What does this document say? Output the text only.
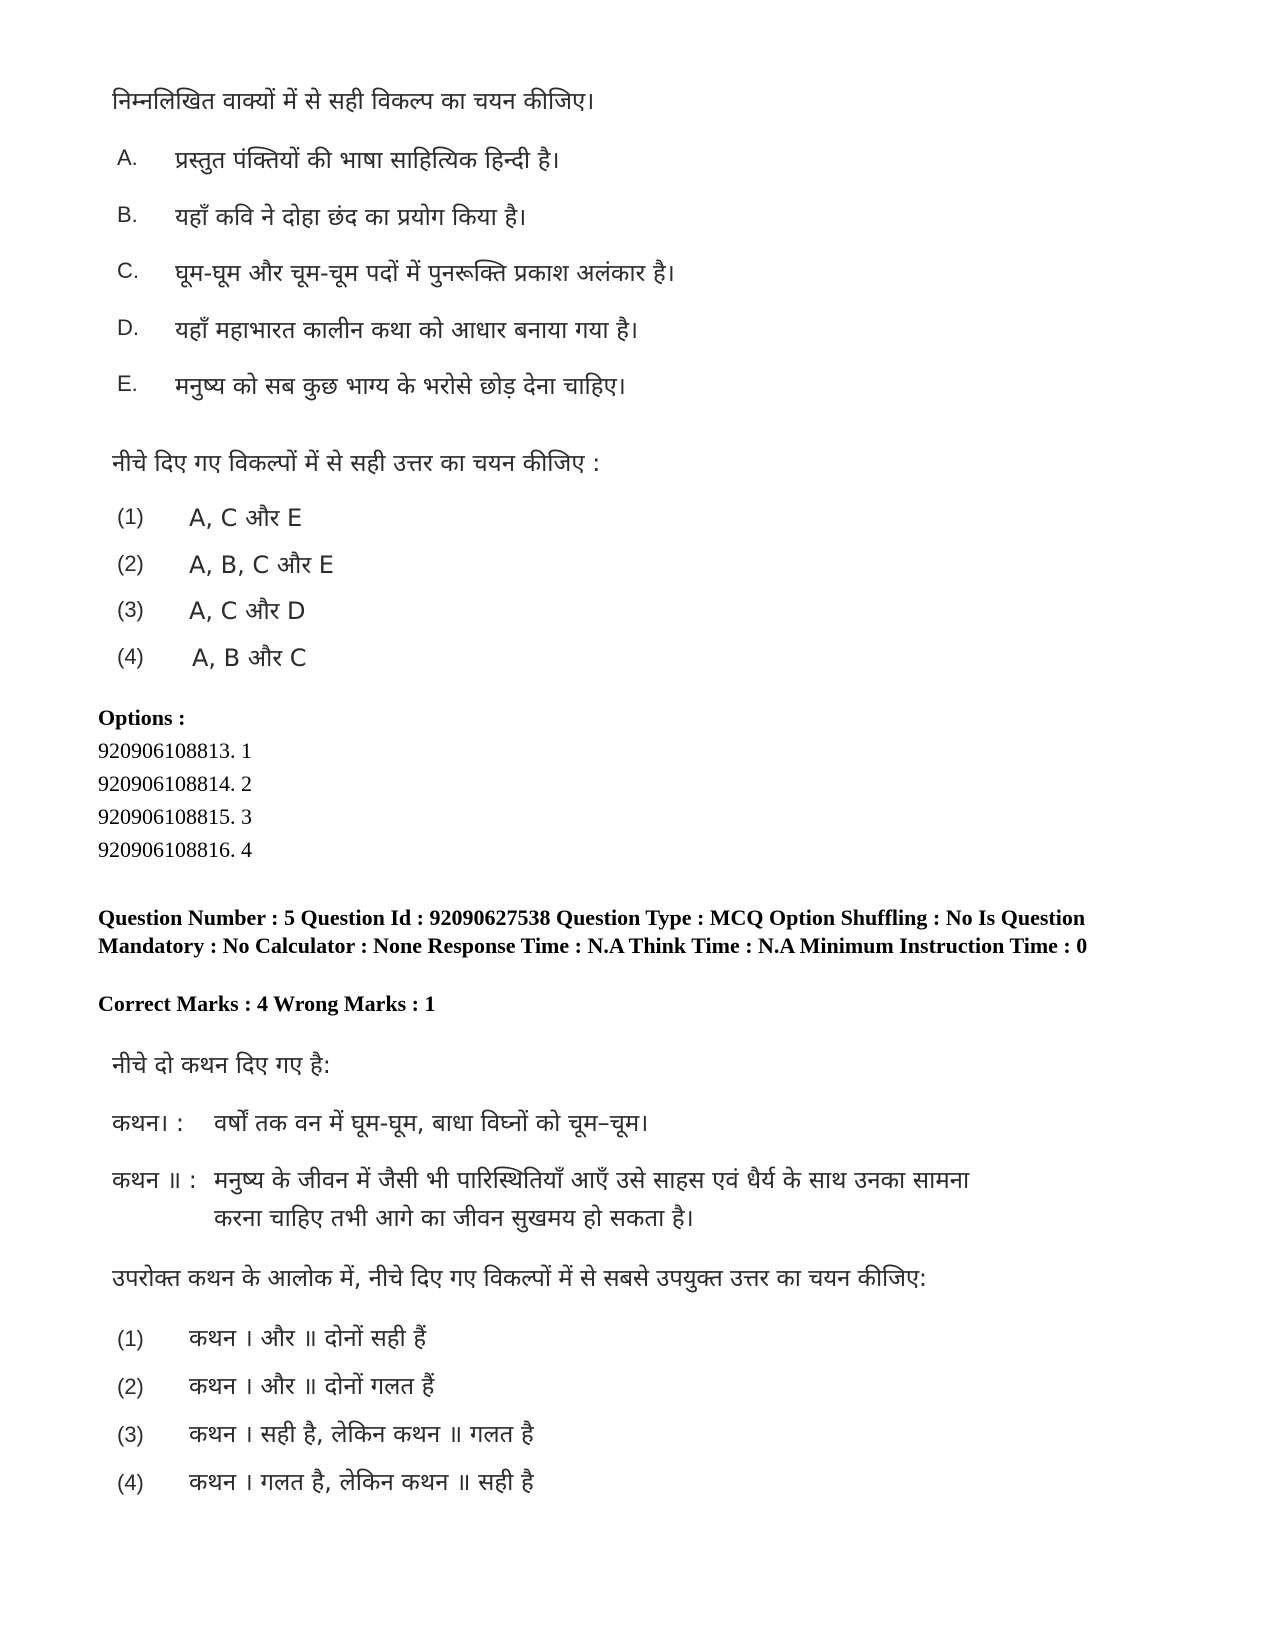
निम्नलिखित वाक्यों में से सही विकल्प का चयन कीजिए।
A.	प्रस्तुत पंक्तियों की भाषा साहित्यिक हिन्दी है।
B.	यहाँ कवि ने दोहा छंद का प्रयोग किया है।
C.	घूम-घूम और चूम-चूम पदों में पुनरूक्ति प्रकाश अलंकार है।
D.	यहाँ महाभारत कालीन कथा को आधार बनाया गया है।
E.	मनुष्य को सब कुछ भाग्य के भरोसे छोड़ देना चाहिए।
नीचे दिए गए विकल्पों में से सही उत्तर का चयन कीजिए :
(1) A, C और E
(2) A, B, C और E
(3) A, C और D
(4) A, B और C
Options :
920906108813. 1
920906108814. 2
920906108815. 3
920906108816. 4
Question Number : 5 Question Id : 92090627538 Question Type : MCQ Option Shuffling : No Is Question Mandatory : No Calculator : None Response Time : N.A Think Time : N.A Minimum Instruction Time : 0
Correct Marks : 4 Wrong Marks : 1
नीचे दो कथन दिए गए है:
कथन। : वर्षों तक वन में घूम-घूम, बाधा विघ्नों को चूम–चूम।
कथन ॥ : मनुष्य के जीवन में जैसी भी पारिस्थितियाँ आएँ उसे साहस एवं धैर्य के साथ उनका सामना
करना चाहिए तभी आगे का जीवन सुखमय हो सकता है।
उपरोक्त कथन के आलोक में, नीचे दिए गए विकल्पों में से सबसे उपयुक्त उत्तर का चयन कीजिए:
(1) कथन । और ॥ दोनों सही हैं
(2) कथन । और ॥ दोनों गलत हैं
(3) कथन । सही है, लेकिन कथन ॥ गलत है
(4) कथन । गलत है, लेकिन कथन ॥ सही है
